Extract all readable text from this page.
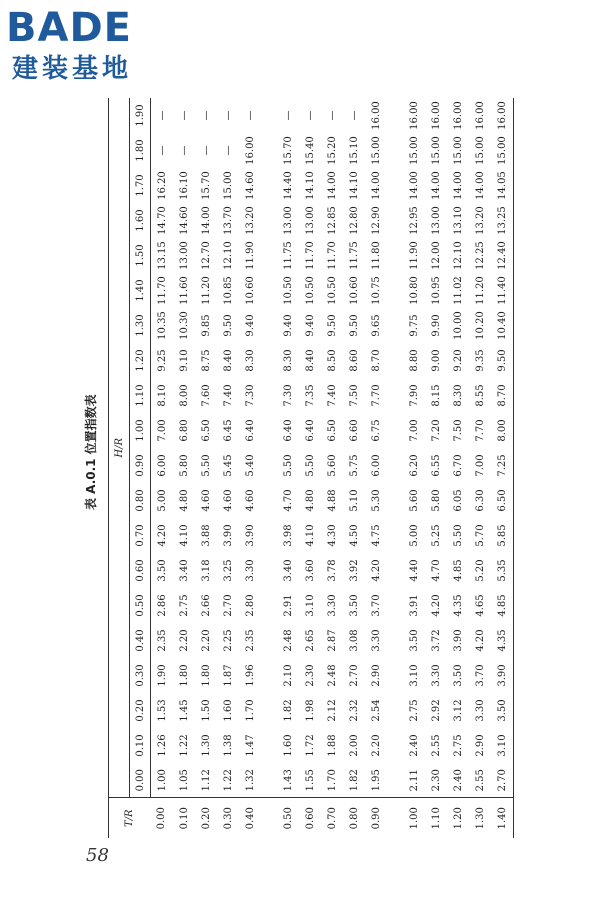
BADE
建装基地
表 A.0.1 位置指数表
T/R	H/R																			
	0.00	0.10	0.20	0.30	0.40	0.50	0.60	0.70	0.80	0.90	1.00	1.10	1.20	1.30	1.40	1.50	1.60	1.70	1.80	1.90
0.00	1.00	1.26	1.53	1.90	2.35	2.86	3.50	4.20	5.00	6.00	7.00	8.10	9.25	10.35	11.70	13.15	14.70	16.20	—	—
0.10	1.05	1.22	1.45	1.80	2.20	2.75	3.40	4.10	4.80	5.80	6.80	8.00	9.10	10.30	11.60	13.00	14.60	16.10	—	—
0.20	1.12	1.30	1.50	1.80	2.20	2.66	3.18	3.88	4.60	5.50	6.50	7.60	8.75	9.85	11.20	12.70	14.00	15.70	—	—
0.30	1.22	1.38	1.60	1.87	2.25	2.70	3.25	3.90	4.60	5.45	6.45	7.40	8.40	9.50	10.85	12.10	13.70	15.00	—	—
0.40	1.32	1.47	1.70	1.96	2.35	2.80	3.30	3.90	4.60	5.40	6.40	7.30	8.30	9.40	10.60	11.90	13.20	14.60	16.00	—

0.50	1.43	1.60	1.82	2.10	2.48	2.91	3.40	3.98	4.70	5.50	6.40	7.30	8.30	9.40	10.50	11.75	13.00	14.40	15.70	—
0.60	1.55	1.72	1.98	2.30	2.65	3.10	3.60	4.10	4.80	5.50	6.40	7.35	8.40	9.40	10.50	11.70	13.00	14.10	15.40	—
0.70	1.70	1.88	2.12	2.48	2.87	3.30	3.78	4.30	4.88	5.60	6.50	7.40	8.50	9.50	10.50	11.70	12.85	14.00	15.20	—
0.80	1.82	2.00	2.32	2.70	3.08	3.50	3.92	4.50	5.10	5.75	6.60	7.50	8.60	9.50	10.60	11.75	12.80	14.10	15.10	—
0.90	1.95	2.20	2.54	2.90	3.30	3.70	4.20	4.75	5.30	6.00	6.75	7.70	8.70	9.65	10.75	11.80	12.90	14.00	15.00	16.00

1.00	2.11	2.40	2.75	3.10	3.50	3.91	4.40	5.00	5.60	6.20	7.00	7.90	8.80	9.75	10.80	11.90	12.95	14.00	15.00	16.00
1.10	2.30	2.55	2.92	3.30	3.72	4.20	4.70	5.25	5.80	6.55	7.20	8.15	9.00	9.90	10.95	12.00	13.00	14.00	15.00	16.00
1.20	2.40	2.75	3.12	3.50	3.90	4.35	4.85	5.50	6.05	6.70	7.50	8.30	9.20	10.00	11.02	12.10	13.10	14.00	15.00	16.00
1.30	2.55	2.90	3.30	3.70	4.20	4.65	5.20	5.70	6.30	7.00	7.70	8.55	9.35	10.20	11.20	12.25	13.20	14.00	15.00	16.00
1.40	2.70	3.10	3.50	3.90	4.35	4.85	5.35	5.85	6.50	7.25	8.00	8.70	9.50	10.40	11.40	12.40	13.25	14.05	15.00	16.00
58
